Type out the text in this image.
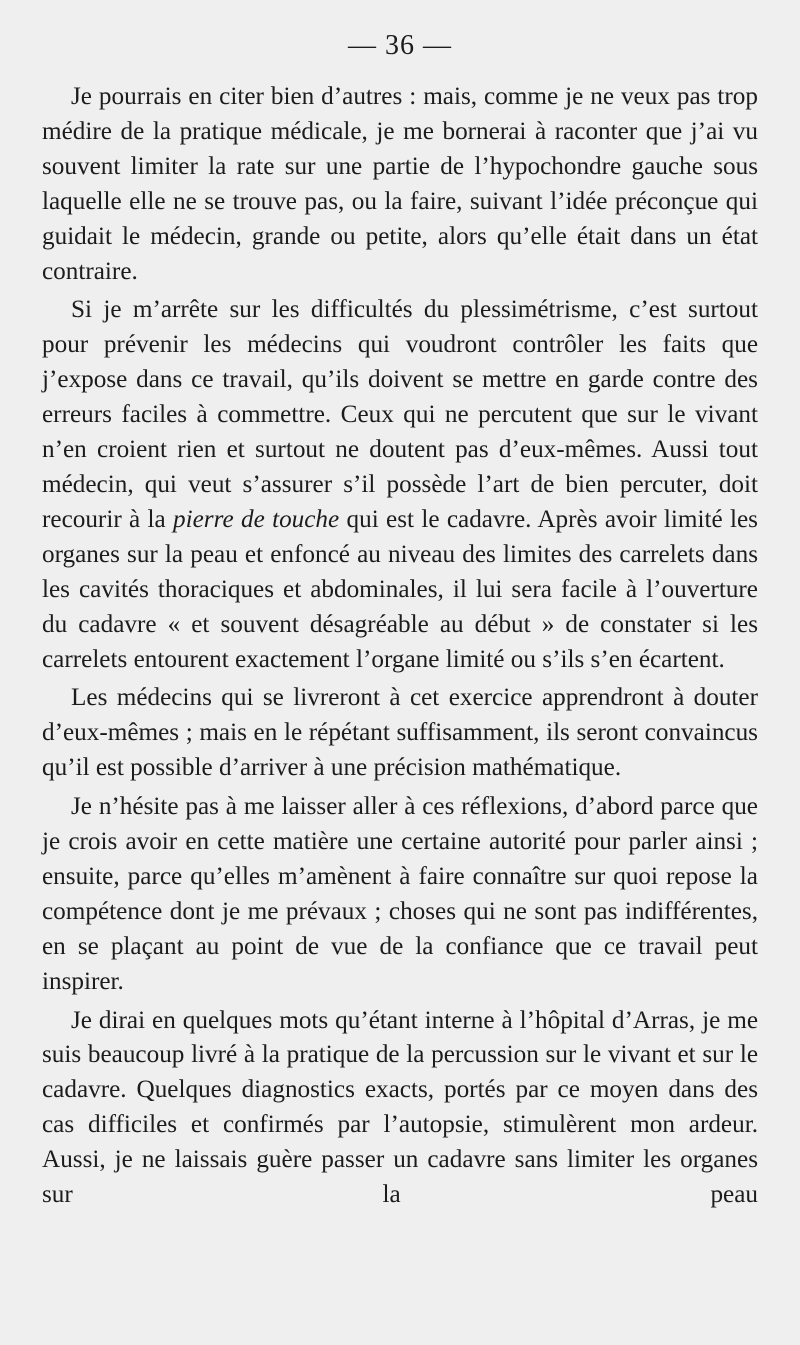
— 36 —

Je pourrais en citer bien d’autres : mais, comme je ne veux pas trop médire de la pratique médicale, je me bornerai à raconter que j’ai vu souvent limiter la rate sur une partie de l’hypochondre gauche sous laquelle elle ne se trouve pas, ou la faire, suivant l’idée préconçue qui guidait le médecin, grande ou petite, alors qu’elle était dans un état contraire.

Si je m’arrête sur les difficultés du plessimétrisme, c’est surtout pour prévenir les médecins qui voudront contrôler les faits que j’expose dans ce travail, qu’ils doivent se mettre en garde contre des erreurs faciles à commettre. Ceux qui ne percutent que sur le vivant n’en croient rien et surtout ne doutent pas d’eux-mêmes. Aussi tout médecin, qui veut s’assurer s’il possède l’art de bien percuter, doit recourir à la pierre de touche qui est le cadavre. Après avoir limité les organes sur la peau et enfoncé au niveau des limites des carrelets dans les cavités thoraciques et abdominales, il lui sera facile à l’ouverture du cadavre « et souvent désagréable au début » de constater si les carrelets entourent exactement l’organe limité ou s’ils s’en écartent.

Les médecins qui se livreront à cet exercice apprendront à douter d’eux-mêmes ; mais en le répétant suffisamment, ils seront convaincus qu’il est possible d’arriver à une précision mathématique.

Je n’hésite pas à me laisser aller à ces réflexions, d’abord parce que je crois avoir en cette matière une certaine autorité pour parler ainsi ; ensuite, parce qu’elles m’amènent à faire connaître sur quoi repose la compétence dont je me prévaux ; choses qui ne sont pas indifférentes, en se plaçant au point de vue de la confiance que ce travail peut inspirer.

Je dirai en quelques mots qu’étant interne à l’hôpital d’Arras, je me suis beaucoup livré à la pratique de la percussion sur le vivant et sur le cadavre. Quelques diagnostics exacts, portés par ce moyen dans des cas difficiles et confirmés par l’autopsie, stimulèrent mon ardeur. Aussi, je ne laissais guère passer un cadavre sans limiter les organes sur la peau
